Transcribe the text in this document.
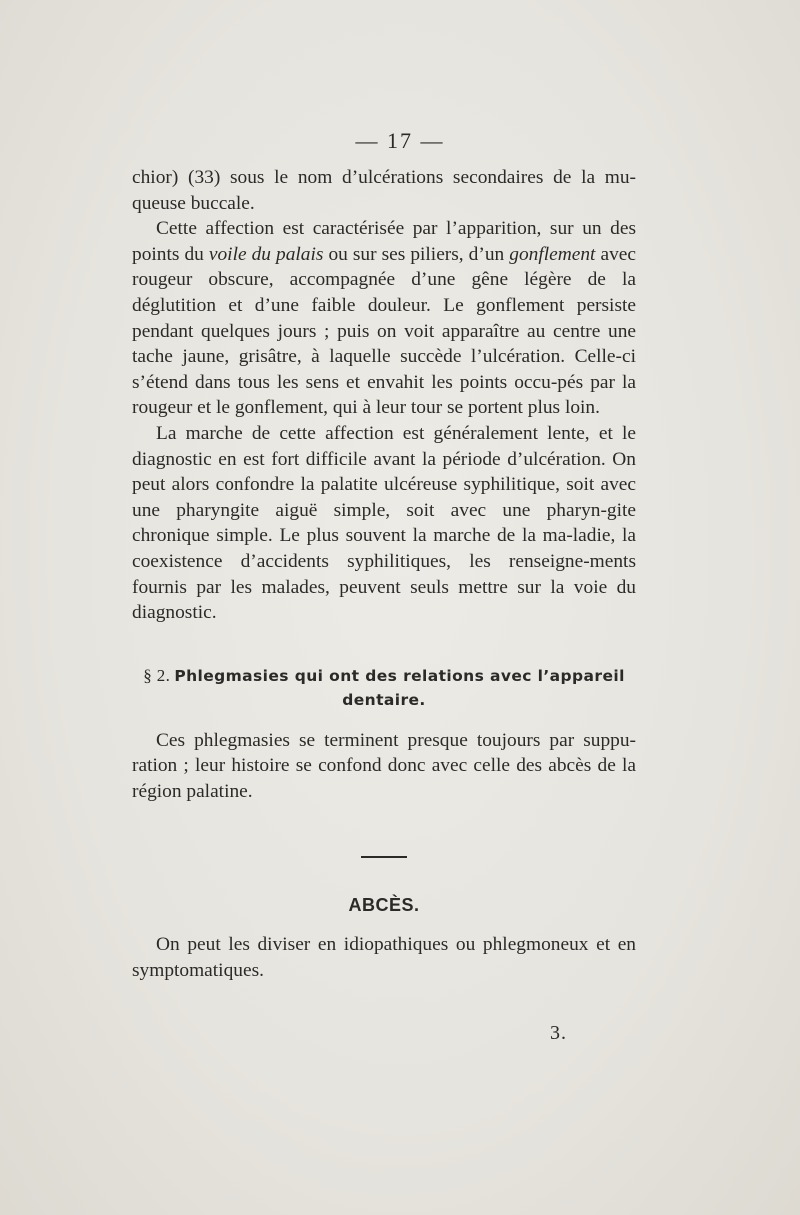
— 17 —

chior) (33) sous le nom d’ulcérations secondaires de la mu-queuse buccale.

Cette affection est caractérisée par l’apparition, sur un des points du voile du palais ou sur ses piliers, d’un gonflement avec rougeur obscure, accompagnée d’une gêne légère de la déglutition et d’une faible douleur. Le gonflement persiste pendant quelques jours ; puis on voit apparaître au centre une tache jaune, grisâtre, à laquelle succède l’ulcération. Celle-ci s’étend dans tous les sens et envahit les points occu-pés par la rougeur et le gonflement, qui à leur tour se portent plus loin.

La marche de cette affection est généralement lente, et le diagnostic en est fort difficile avant la période d’ulcération. On peut alors confondre la palatite ulcéreuse syphilitique, soit avec une pharyngite aiguë simple, soit avec une pharyn-gite chronique simple. Le plus souvent la marche de la ma-ladie, la coexistence d’accidents syphilitiques, les renseigne-ments fournis par les malades, peuvent seuls mettre sur la voie du diagnostic.

§ 2. Phlegmasies qui ont des relations avec l’appareil dentaire.

Ces phlegmasies se terminent presque toujours par suppu-ration ; leur histoire se confond donc avec celle des abcès de la région palatine.

ABCÈS.

On peut les diviser en idiopathiques ou phlegmoneux et en symptomatiques.

3.
